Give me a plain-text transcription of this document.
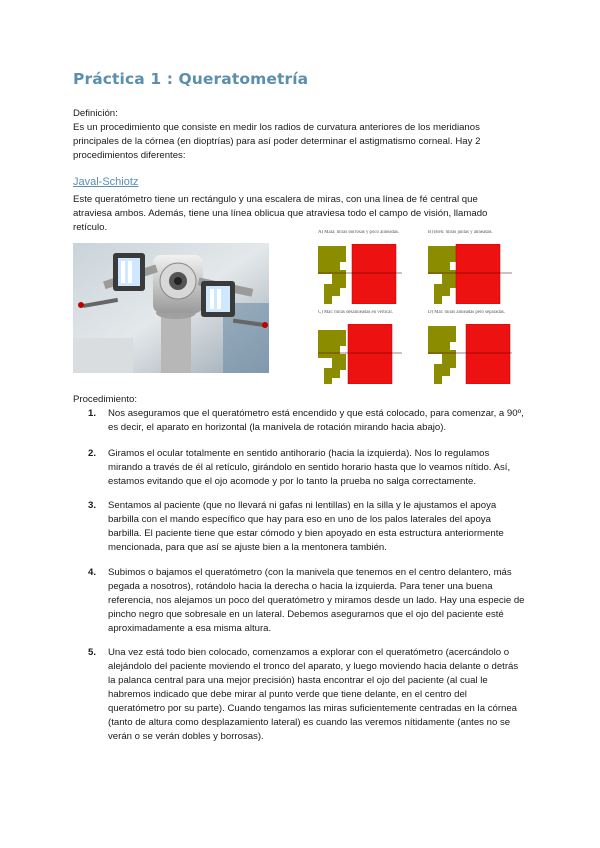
Práctica 1 : Queratometría
Definición:

Es un procedimiento que consiste en medir los radios de curvatura anteriores de los meridianos principales de la córnea (en dioptrías) para así poder determinar el astigmatismo corneal. Hay 2 procedimientos diferentes:

Javal-Schiotz

Este queratómetro tiene un rectángulo y una escalera de miras, con una línea de fé central que atraviesa ambos. Además, tiene una línea oblicua que atraviesa todo el campo de visión, llamado retículo.	A) Mala: miras borrosas y poco alineadas.	B) Bien: miras juntas y alineadas.
C) Mal: miras desalineadas en vertical.	D) Mal: miras alineadas pero separadas.
Procedimiento:
1.	Nos aseguramos que el queratómetro está encendido y que está colocado, para comenzar, a 90º, es decir, el aparato en horizontal (la manivela de rotación mirando hacia abajo).

2.	Giramos el ocular totalmente en sentido antihorario (hacia la izquierda). Nos lo regulamos mirando a través de él al retículo, girándolo en sentido horario hasta que lo veamos nítido. Así, estamos evitando que el ojo acomode y por lo tanto la prueba no salga correctamente.

3.	Sentamos al paciente (que no llevará ni gafas ni lentillas) en la silla y le ajustamos el apoya barbilla con el mando específico que hay para eso en uno de los palos laterales del apoya barbilla. El paciente tiene que estar cómodo y bien apoyado en esta estructura anteriormente mencionada, para que así se ajuste bien a la mentonera también.

4.	Subimos o bajamos el queratómetro (con la manivela que tenemos en el centro delantero, más pegada a nosotros), rotándolo hacia la derecha o hacia la izquierda. Para tener una buena referencia, nos alejamos un poco del queratómetro y miramos desde un lado. Hay una especie de pincho negro que sobresale en un lateral. Debemos asegurarnos que el ojo del paciente esté aproximadamente a esa misma altura.

5.	Una vez está todo bien colocado, comenzamos a explorar con el queratómetro (acercándolo o alejándolo del paciente moviendo el tronco del aparato, y luego moviendo hacia delante o detrás la palanca central para una mejor precisión) hasta encontrar el ojo del paciente (al cual le habremos indicado que debe mirar al punto verde que tiene delante, en el centro del queratómetro por su parte). Cuando tengamos las miras suficientemente centradas en la córnea (tanto de altura como desplazamiento lateral) es cuando las veremos nítidamente (antes no se verán o se verán dobles y borrosas).
